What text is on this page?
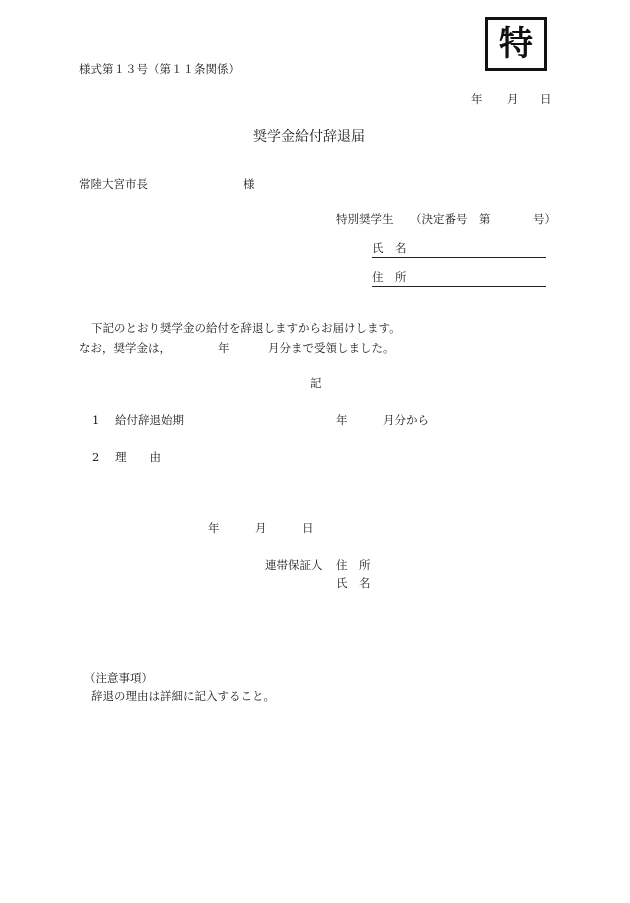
様式第１３号（第１１条関係）
特
年 月 日
奨学金給付辞退届
常陸大宮市長	様
特別奨学生 （決定番号　第	号）
氏　名
住　所
下記のとおり奨学金の給付を辞退しますからお届けします。
なお，奨学金は，	年	月分まで受領しました。
記
1 給付辞退始期	年	月分から
2 理　　由
年	月	日
連帯保証人 住　所
氏　名
（注意事項）
辞退の理由は詳細に記入すること。
